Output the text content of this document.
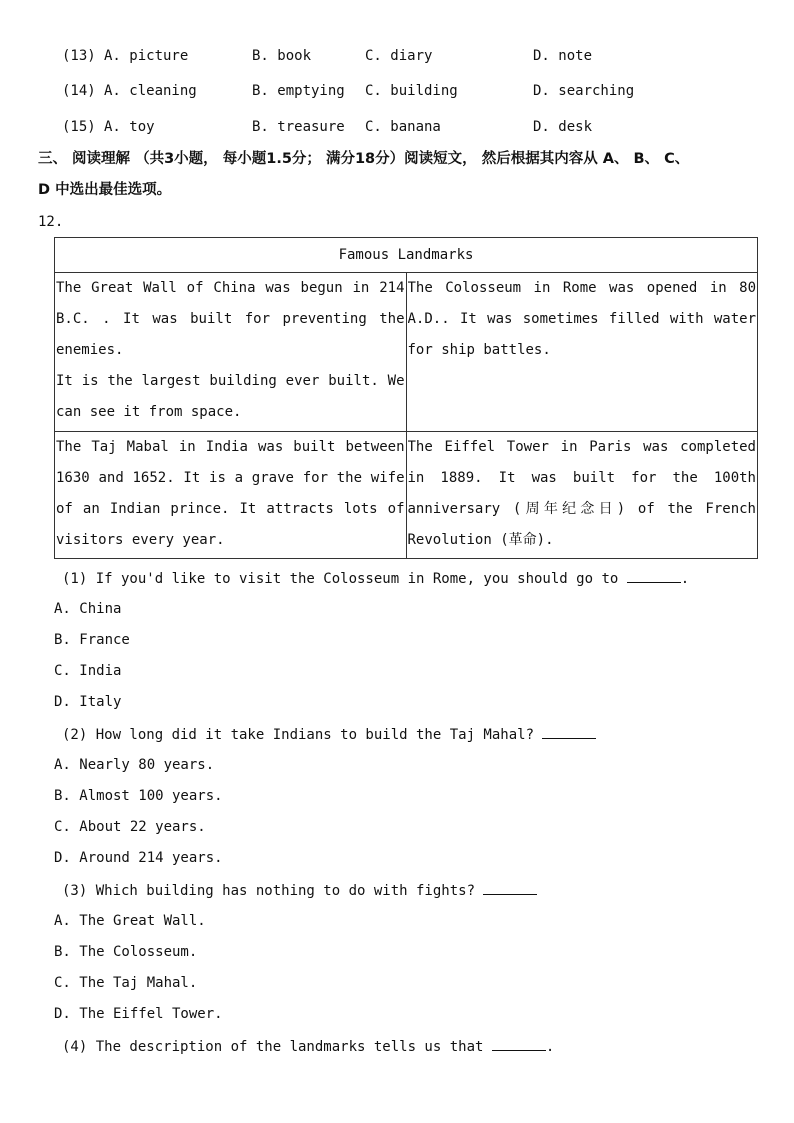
(13) A. picture	B. book	C. diary	D. note
(14) A. cleaning	B. emptying C. building	D. searching
(15) A. toy	B. treasure C. banana	D. desk
三、 阅读理解 （共3小题， 每小题1.5分； 满分18分）阅读短文， 然后根据其内容从 A、 B、 C、
D 中选出最佳选项。
12.
Famous Landmarks	

The Great Wall of China was begun in 214 B.C. . It was built for preventing the enemies.
It is the largest building ever built. We can see it from space.	The Colosseum in Rome was opened in 80 A.D.. It was sometimes filled with water for ship battles.

The Taj Mabal in India was built between 1630 and 1652. It is a grave for the wife of an Indian prince. It attracts lots of visitors every year.	The Eiffel Tower in Paris was completed in 1889. It was built for the 100th anniversary (周年纪念日) of the French Revolution (革命).
(1) If you'd like to visit the Colosseum in Rome, you should go to	.
A. China
B. France
C. India
D. Italy
(2) How long did it take Indians to build the Taj Mahal?
A. Nearly 80 years.
B. Almost 100 years.
C. About 22 years.
D. Around 214 years.
(3) Which building has nothing to do with fights?
A. The Great Wall.
B. The Colosseum.
C. The Taj Mahal.
D. The Eiffel Tower.
(4) The description of the landmarks tells us that	.
